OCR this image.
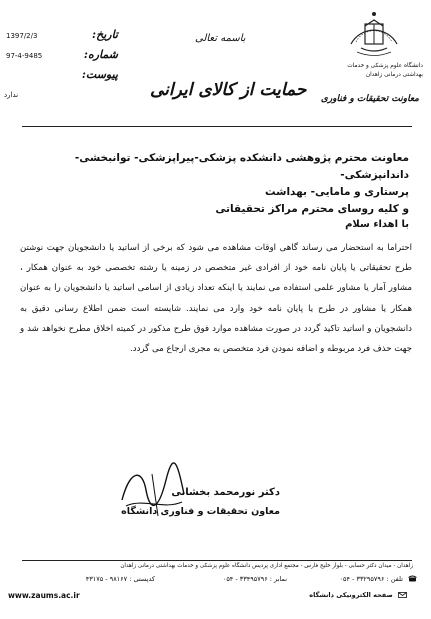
1397/2/3	تاریخ:
97-4-9485	شماره:
پیوست:
ندارد
باسمه تعالی
حمایت از کالای ایرانی
دانشگاه علوم پزشکی و خدمات
بهداشتی درمانی زاهدان
معاونت تحقیقات و فناوری
معاونت محترم پژوهشی دانشکده پزشکی-پیراپزشکی- توانبخشی- داندانپزشکی-
پرستاری و مامایی- بهداشت
و کلیه روسای محترم مراکز تحقیقاتی
با اهداء سلام

احتراما به استحضار می رساند گاهی اوقات مشاهده می شود که برخی از اساتید یا دانشجویان جهت نوشتن طرح تحقیقاتی یا پایان نامه خود از افرادی غیر متخصص در زمینه یا رشته تخصصی خود به عنوان همکار ، مشاور آمار یا مشاور علمی استفاده می نمایند یا اینکه تعداد زیادی از اسامی اساتید یا دانشجویان را به عنوان همکار یا مشاور در طرح یا پایان نامه خود وارد می نمایند. شایسته است ضمن اطلاع رسانی دقیق به دانشجویان و اساتید تاکید گردد در صورت مشاهده موارد فوق طرح مذکور در کمیته اخلاق مطرح نخواهد شد و جهت حذف فرد مربوطه و اضافه نمودن فرد متخصص به مجری ارجاع می گردد.

دکتر نورمحمد بخشانی
معاون تحقیقات و فناوری دانشگاه
زاهدان - میدان دکتر حسابی - بلوار خلیج فارس - مجتمع اداری پردیس دانشگاه علوم پزشکی و خدمات بهداشتی درمانی زاهدان
تلفن : ۳۳۲۹۵۷۹۶ - ۰۵۴
نمابر : ۳۳۴۹۵۷۹۶ - ۰۵۴
کدپستی : ۹۸۱۶۷ - ۴۳۱۷۵
www.zaums.ac.ir	صفحه الکترونیکی دانشگاه
